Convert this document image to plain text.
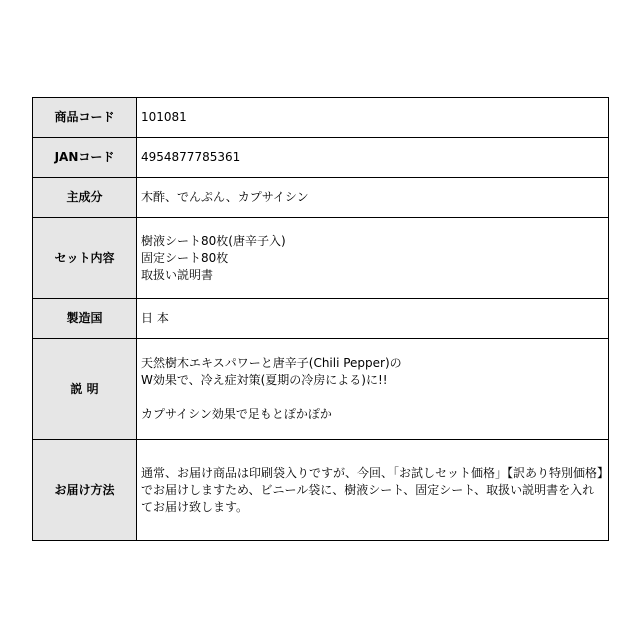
商品コード	101081
JANコード	4954877785361
主成分	木酢、でんぷん、カプサイシン
セット内容	樹液シート80枚(唐辛子入)
固定シート80枚
取扱い説明書

製造国	日 本
説 明	天然樹木エキスパワーと唐辛子(Chili Pepper)の
W効果で、冷え症対策(夏期の冷房による)に!!
カプサイシン効果で足もとぽかぽか

お届け方法	通常、お届け商品は印刷袋入りですが、今回、「お試しセット価格」【訳あり特別価格】でお届けしますため、ビニール袋に、樹液シート、固定シート、取扱い説明書を入れてお届け致します。
